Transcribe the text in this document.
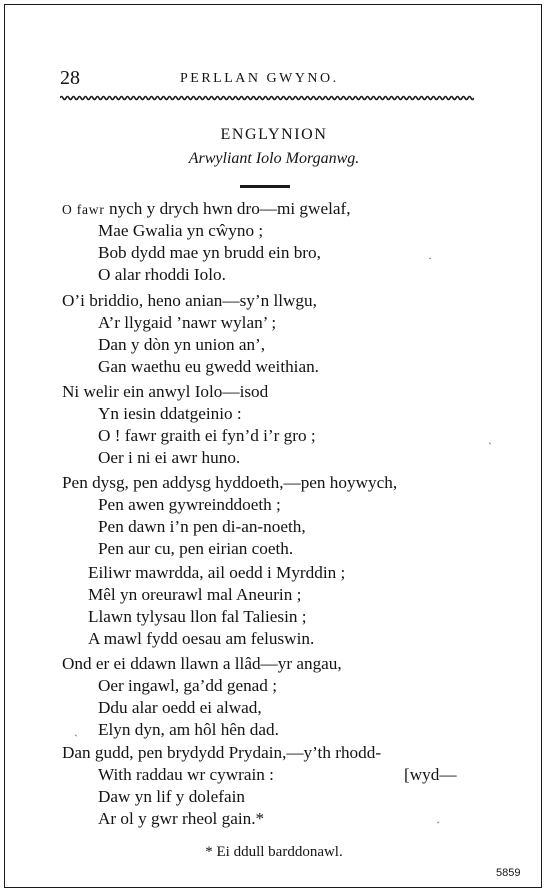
28	PERLLAN GWYNO.
ENGLYNION
Arwyliant Iolo Morganwg.
O fawr nych y drych hwn dro—mi gwelaf,
Mae Gwalia yn cŵyno ;
Bob dydd mae yn brudd ein bro,
O alar rhoddi Iolo.
O’i briddio, heno anian—sy’n llwgu,
A’r llygaid ’nawr wylan’ ;
Dan y dòn yn union an’,
Gan waethu eu gwedd weithian.
Ni welir ein anwyl Iolo—isod
Yn iesin ddatgeinio :
O ! fawr graith ei fyn’d i’r gro ;
Oer i ni ei awr huno.
Pen dysg, pen addysg hyddoeth,—pen hoywych,
Pen awen gywreinddoeth ;
Pen dawn i’n pen di-an-noeth,
Pen aur cu, pen eirian coeth.
Eiliwr mawrdda, ail oedd i Myrddin ;
Mêl yn oreurawl mal Aneurin ;
Llawn tylysau llon fal Taliesin ;
A mawl fydd oesau am feluswin.
Ond er ei ddawn llawn a llâd—yr angau,
Oer ingawl, ga’dd genad ;
Ddu alar oedd ei alwad,
Elyn dyn, am hôl hên dad.
Dan gudd, pen brydydd Prydain,—y’th rhodd-
With raddau wr cywrain :
Daw yn lif y dolefain
Ar ol y gwr rheol gain.*
[wyd—
·
ˎ
ˏ
ˊ
* Ei ddull barddonawl.
5859
